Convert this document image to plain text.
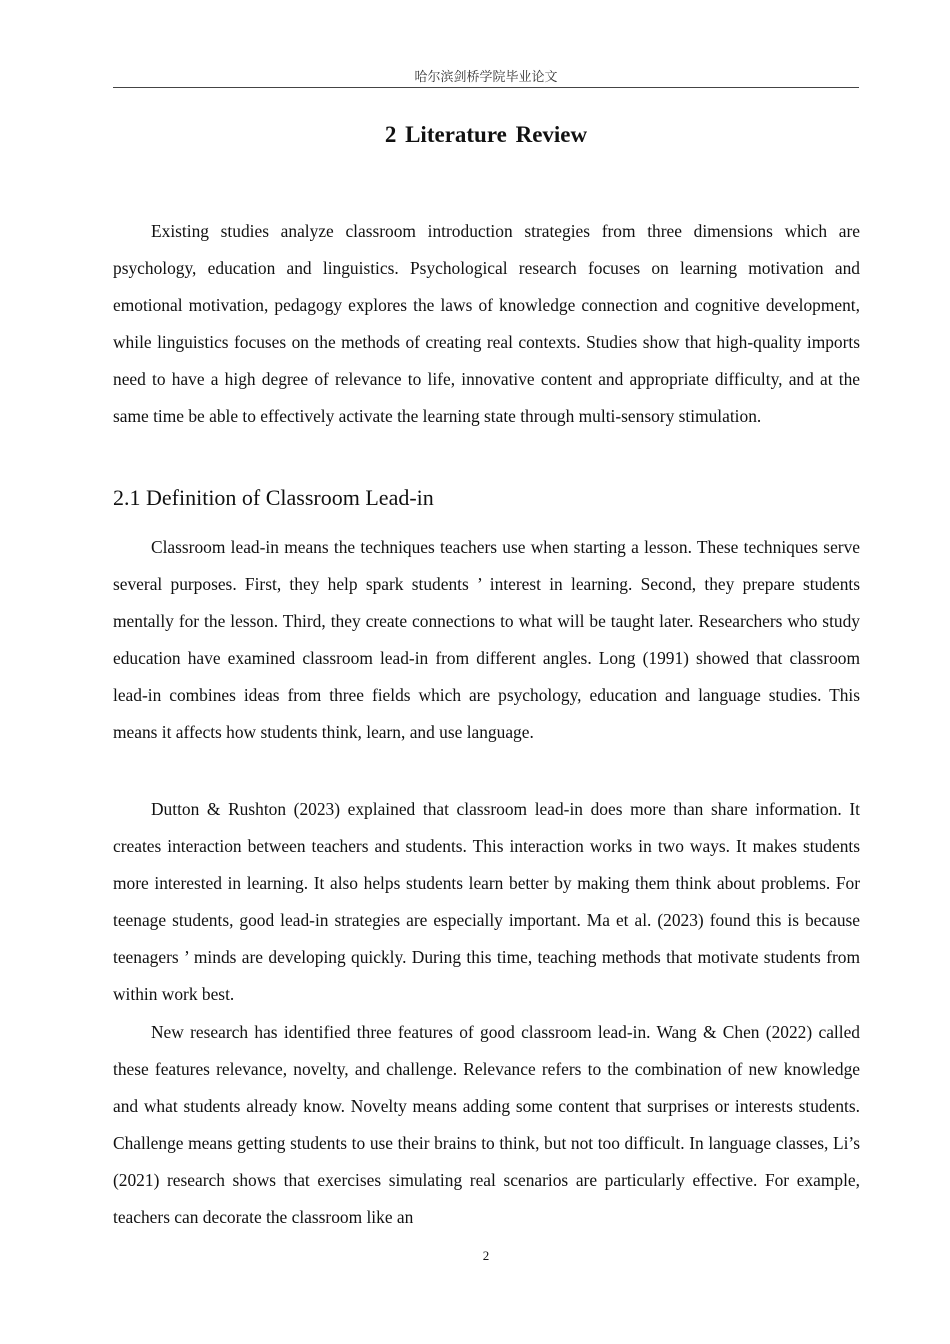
哈尔滨剑桥学院毕业论文
2 Literature Review

Existing studies analyze classroom introduction strategies from three dimensions which are psychology, education and linguistics. Psychological research focuses on learning motivation and emotional motivation, pedagogy explores the laws of knowledge connection and cognitive development, while linguistics focuses on the methods of creating real contexts. Studies show that high-quality imports need to have a high degree of relevance to life, innovative content and appropriate difficulty, and at the same time be able to effectively activate the learning state through multi-sensory stimulation.

2.1 Definition of Classroom Lead-in

Classroom lead-in means the techniques teachers use when starting a lesson. These techniques serve several purposes. First, they help spark students ’ interest in learning. Second, they prepare students mentally for the lesson. Third, they create connections to what will be taught later. Researchers who study education have examined classroom lead-in from different angles. Long (1991) showed that classroom lead-in combines ideas from three fields which are psychology, education and language studies. This means it affects how students think, learn, and use language.

Dutton & Rushton (2023) explained that classroom lead-in does more than share information. It creates interaction between teachers and students. This interaction works in two ways. It makes students more interested in learning. It also helps students learn better by making them think about problems. For teenage students, good lead-in strategies are especially important. Ma et al. (2023) found this is because teenagers ’ minds are developing quickly. During this time, teaching methods that motivate students from within work best.

New research has identified three features of good classroom lead-in. Wang & Chen (2022) called these features relevance, novelty, and challenge. Relevance refers to the combination of new knowledge and what students already know. Novelty means adding some content that surprises or interests students. Challenge means getting students to use their brains to think, but not too difficult. In language classes, Li’s (2021) research shows that exercises simulating real scenarios are particularly effective. For example, teachers can decorate the classroom like an

2
